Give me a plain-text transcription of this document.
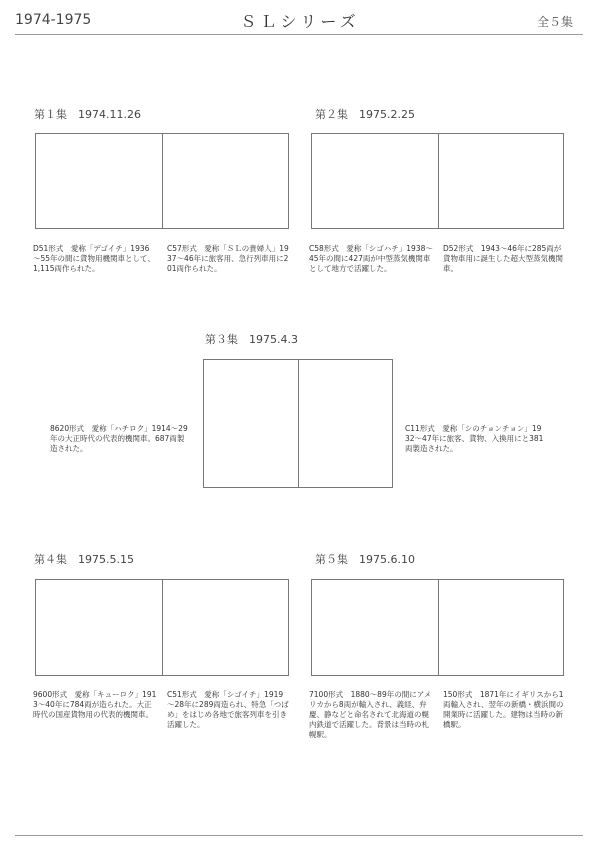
1974-1975	ＳＬシリーズ	全５集
第１集　1974.11.26
D51形式　愛称「デゴイチ」1936～55年の間に貨物用機関車として、1,115両作られた。
C57形式　愛称「ＳＬの貴婦人」1937～46年に旅客用、急行列車用に201両作られた。
第２集　1975.2.25
C58形式　愛称「シゴハチ」1938～45年の間に427両が中型蒸気機関車として地方で活躍した。
D52形式　1943～46年に285両が貨物車用に誕生した超大型蒸気機関車。
第３集　1975.4.3
8620形式　愛称「ハチロク」1914～29年の大正時代の代表的機関車。687両製造された。
C11形式　愛称「シのチョンチョン」1932～47年に旅客、貨物、入換用にと381両製造された。
第４集　1975.5.15
9600形式　愛称「キューロク」1913～40年に784両が造られた。大正時代の国産貨物用の代表的機関車。
C51形式　愛称「シゴイチ」1919～28年に289両造られ、特急「つばめ」をはじめ各地で旅客列車を引き活躍した。
第５集　1975.6.10
7100形式　1880～89年の間にアメリカから8両が輸入され、義経、弁慶、静などと命名されて北海道の幌内鉄道で活躍した。背景は当時の札幌駅。
150形式　1871年にイギリスから1両輸入され、翌年の新橋・横浜間の開業時に活躍した。建物は当時の新橋駅。
